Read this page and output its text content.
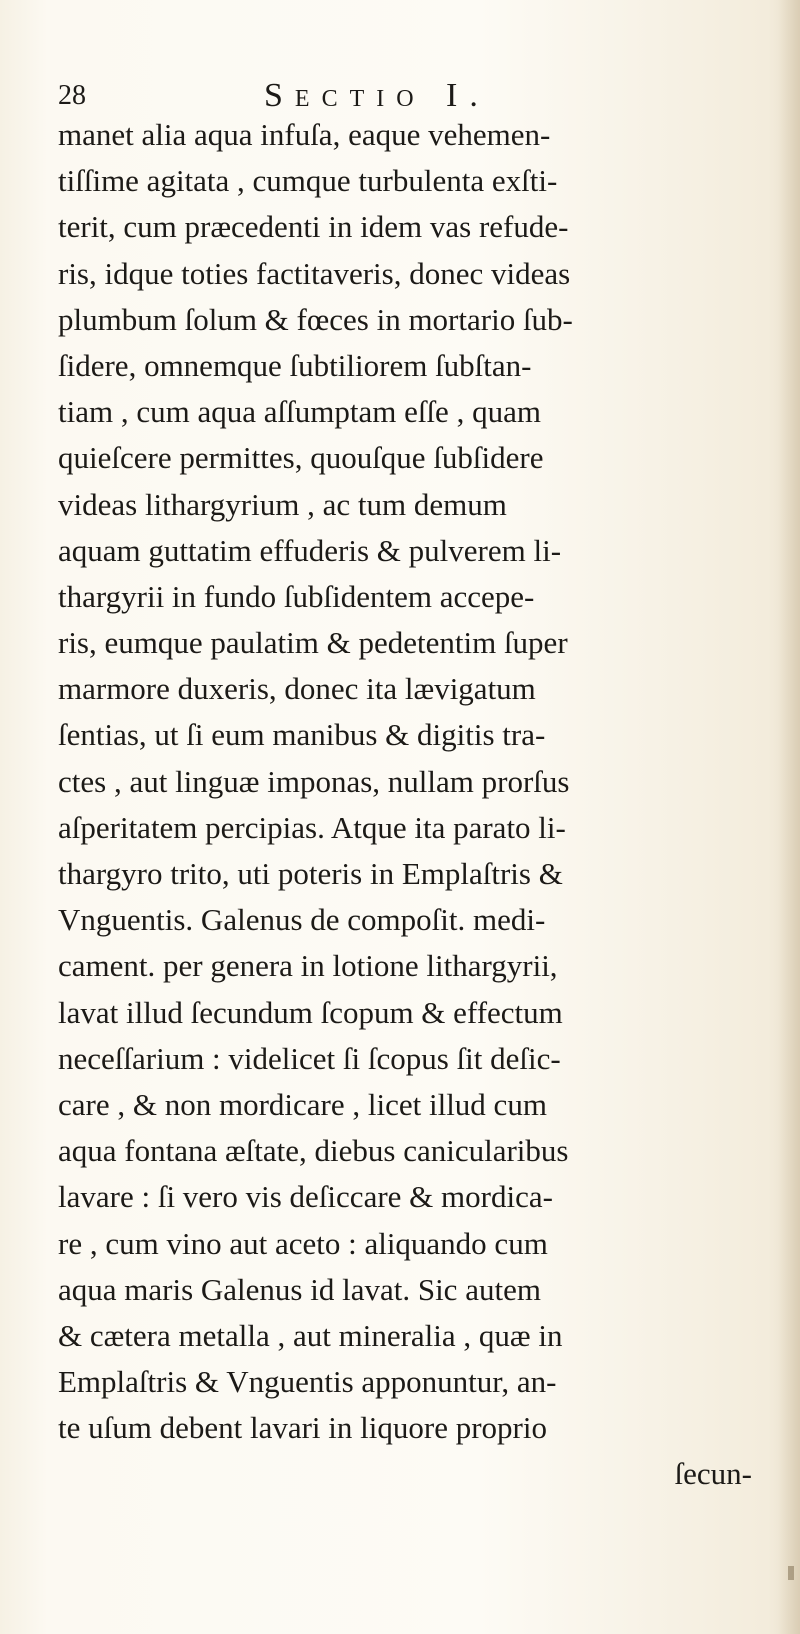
28	Sectio I.
manet alia aqua infuſa, eaque vehemen-
tiſſime agitata , cumque turbulenta exſti-
terit, cum præcedenti in idem vas refude-
ris, idque toties factitaveris, donec videas
plumbum ſolum & fœces in mortario ſub-
ſidere, omnemque ſubtiliorem ſubſtan-
tiam , cum aqua aſſumptam eſſe , quam
quieſcere permittes, quouſque ſubſidere
videas lithargyrium , ac tum demum
aquam guttatim effuderis & pulverem li-
thargyrii in fundo ſubſidentem accepe-
ris, eumque paulatim & pedetentim ſuper
marmore duxeris, donec ita lævigatum
ſentias, ut ſi eum manibus & digitis tra-
ctes , aut linguæ imponas, nullam prorſus
aſperitatem percipias. Atque ita parato li-
thargyro trito, uti poteris in Emplaſtris &
Vnguentis. Galenus de compoſit. medi-
cament. per genera in lotione lithargyrii,
lavat illud ſecundum ſcopum & effectum
neceſſarium : videlicet ſi ſcopus ſit deſic-
care , & non mordicare , licet illud cum
aqua fontana æſtate, diebus canicularibus
lavare : ſi vero vis deſiccare & mordica-
re , cum vino aut aceto : aliquando cum
aqua maris Galenus id lavat. Sic autem
& cætera metalla , aut mineralia , quæ in
Emplaſtris & Vnguentis apponuntur, an-
te uſum debent lavari in liquore proprio
ſecun-
